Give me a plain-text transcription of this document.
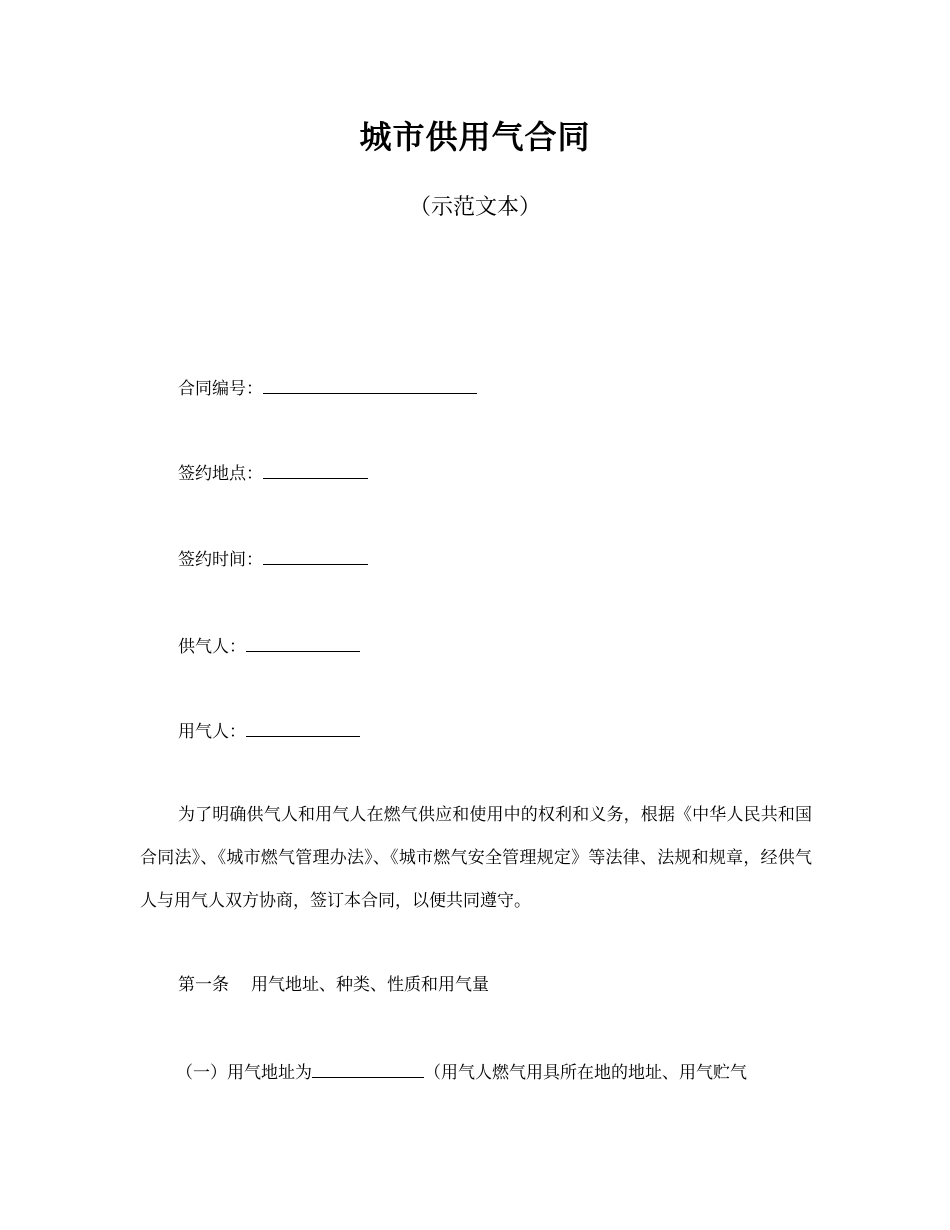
城市供用气合同
（示范文本）
合同编号：
签约地点：
签约时间：
供气人：
用气人：
为了明确供气人和用气人在燃气供应和使用中的权利和义务，根据《中华人民共和国合同法》、《城市燃气管理办法》、《城市燃气安全管理规定》等法律、法规和规章，经供气人与用气人双方协商，签订本合同，以便共同遵守。
第一条 用气地址、种类、性质和用气量
（一）用气地址为	（用气人燃气用具所在地的地址、用气贮气
